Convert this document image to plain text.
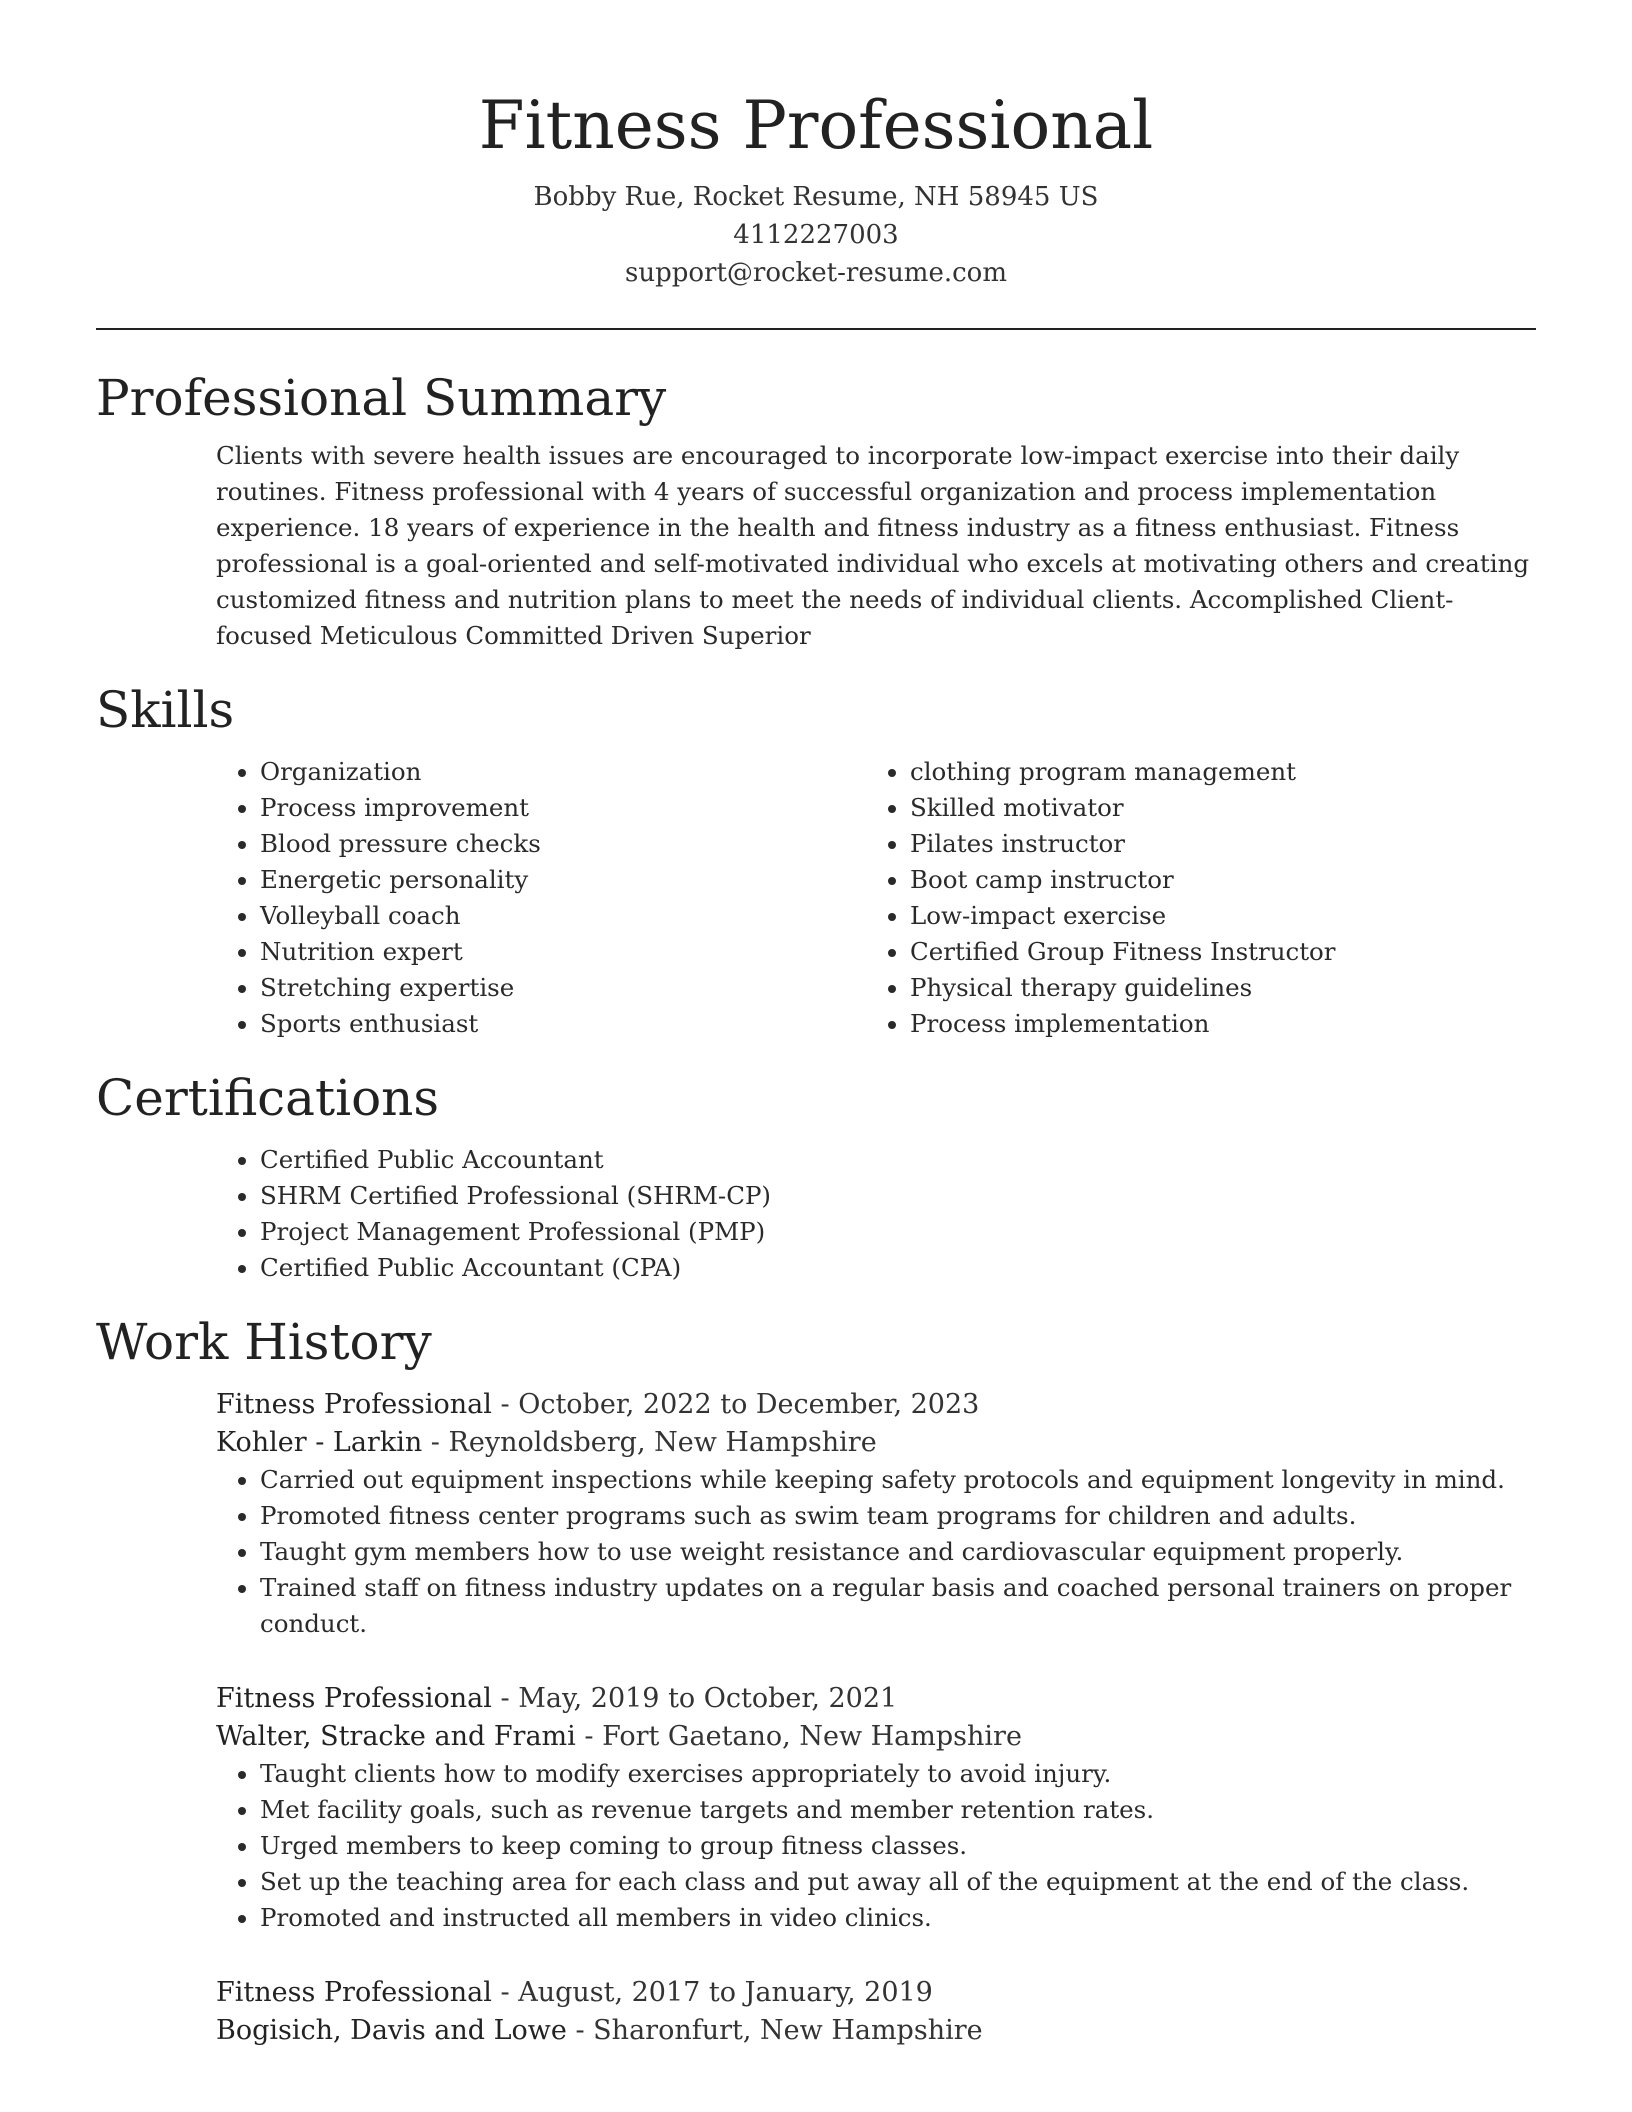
Fitness Professional
Bobby Rue, Rocket Resume, NH 58945 US
4112227003
support@rocket-resume.com
Professional Summary

Clients with severe health issues are encouraged to incorporate low-impact exercise into their daily routines. Fitness professional with 4 years of successful organization and process implementation experience. 18 years of experience in the health and fitness industry as a fitness enthusiast. Fitness professional is a goal-oriented and self-motivated individual who excels at motivating others and creating customized fitness and nutrition plans to meet the needs of individual clients. Accomplished Client-focused Meticulous Committed Driven Superior

Skills
• Organization
• Process improvement
• Blood pressure checks
• Energetic personality
• Volleyball coach
• Nutrition expert
• Stretching expertise
• Sports enthusiast
• clothing program management
• Skilled motivator
• Pilates instructor
• Boot camp instructor
• Low-impact exercise
• Certified Group Fitness Instructor
• Physical therapy guidelines
• Process implementation
Certifications
• Certified Public Accountant
• SHRM Certified Professional (SHRM-CP)
• Project Management Professional (PMP)
• Certified Public Accountant (CPA)
Work History
Fitness Professional - October, 2022 to December, 2023
Kohler - Larkin - Reynoldsberg, New Hampshire
• Carried out equipment inspections while keeping safety protocols and equipment longevity in mind.
• Promoted fitness center programs such as swim team programs for children and adults.
• Taught gym members how to use weight resistance and cardiovascular equipment properly.
• Trained staff on fitness industry updates on a regular basis and coached personal trainers on proper conduct.
Fitness Professional - May, 2019 to October, 2021
Walter, Stracke and Frami - Fort Gaetano, New Hampshire
• Taught clients how to modify exercises appropriately to avoid injury.
• Met facility goals, such as revenue targets and member retention rates.
• Urged members to keep coming to group fitness classes.
• Set up the teaching area for each class and put away all of the equipment at the end of the class.
• Promoted and instructed all members in video clinics.
Fitness Professional - August, 2017 to January, 2019
Bogisich, Davis and Lowe - Sharonfurt, New Hampshire
